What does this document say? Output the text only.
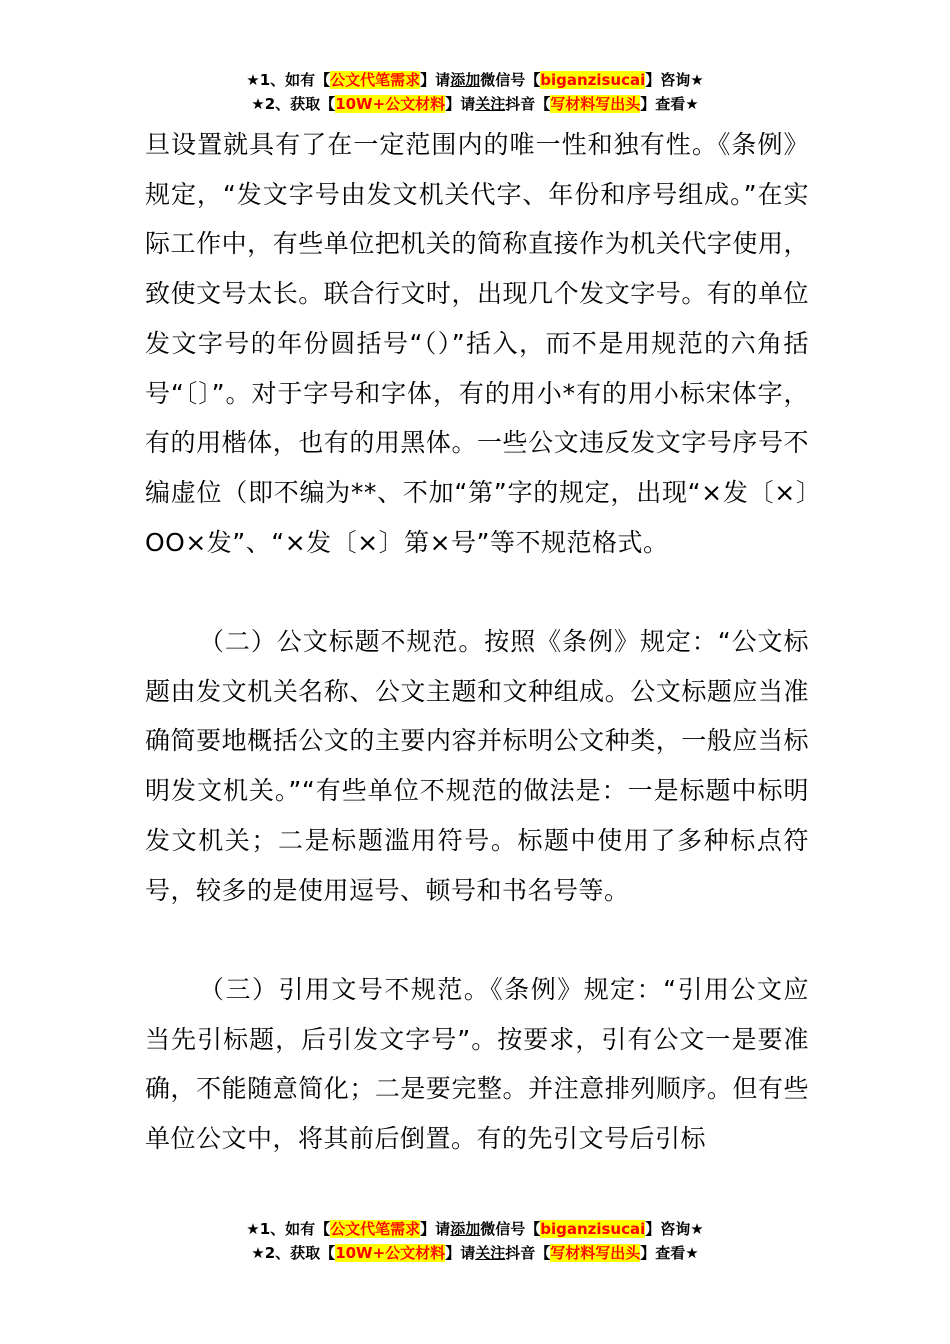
★1、如有【公文代笔需求】请添加微信号【biganzisucai】咨询★
★2、获取【10W+公文材料】请关注抖音【写材料写出头】查看★

旦设置就具有了在一定范围内的唯一性和独有性。《条例》规定，“发文字号由发文机关代字、年份和序号组成。”在实际工作中，有些单位把机关的简称直接作为机关代字使用，致使文号太长。联合行文时，出现几个发文字号。有的单位发文字号的年份圆括号“（）”括入，而不是用规范的六角括号“〔〕”。对于字号和字体，有的用小*有的用小标宋体字，有的用楷体，也有的用黑体。一些公文违反发文字号序号不编虚位（即不编为**、不加“第”字的规定，出现“×发〔×〕OO×发”、“×发〔×〕第×号”等不规范格式。

（二）公文标题不规范。按照《条例》规定：“公文标题由发文机关名称、公文主题和文种组成。公文标题应当准确简要地概括公文的主要内容并标明公文种类，一般应当标明发文机关。”“有些单位不规范的做法是：一是标题中标明发文机关；二是标题滥用符号。标题中使用了多种标点符号，较多的是使用逗号、顿号和书名号等。

（三）引用文号不规范。《条例》规定：“引用公文应当先引标题，后引发文字号”。按要求，引有公文一是要准确，不能随意简化；二是要完整。并注意排列顺序。但有些单位公文中，将其前后倒置。有的先引文号后引标

★1、如有【公文代笔需求】请添加微信号【biganzisucai】咨询★
★2、获取【10W+公文材料】请关注抖音【写材料写出头】查看★
